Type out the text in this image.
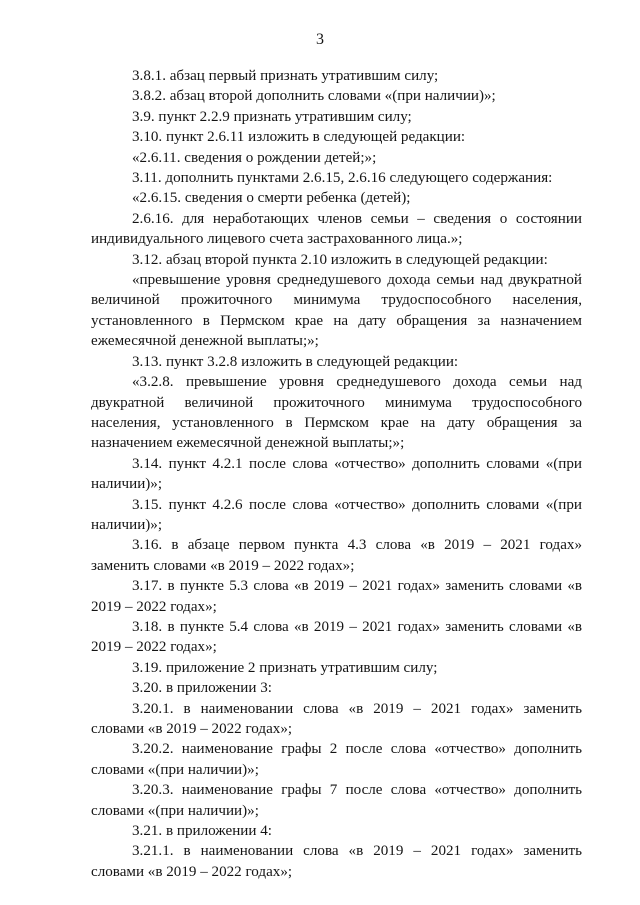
3

3.8.1. абзац первый признать утратившим силу;

3.8.2. абзац второй дополнить словами «(при наличии)»;

3.9. пункт 2.2.9 признать утратившим силу;

3.10. пункт 2.6.11 изложить в следующей редакции:

«2.6.11. сведения о рождении детей;»;

3.11. дополнить пунктами 2.6.15, 2.6.16 следующего содержания:

«2.6.15. сведения о смерти ребенка (детей);

2.6.16. для неработающих членов семьи – сведения о состоянии индивидуального лицевого счета застрахованного лица.»;

3.12. абзац второй пункта 2.10 изложить в следующей редакции:

«превышение уровня среднедушевого дохода семьи над двукратной величиной прожиточного минимума трудоспособного населения, установленного в Пермском крае на дату обращения за назначением ежемесячной денежной выплаты;»;

3.13. пункт 3.2.8 изложить в следующей редакции:

«3.2.8. превышение уровня среднедушевого дохода семьи над двукратной величиной прожиточного минимума трудоспособного населения, установленного в Пермском крае на дату обращения за назначением ежемесячной денежной выплаты;»;

3.14. пункт 4.2.1 после слова «отчество» дополнить словами «(при наличии)»;

3.15. пункт 4.2.6 после слова «отчество» дополнить словами «(при наличии)»;

3.16. в абзаце первом пункта 4.3 слова «в 2019 – 2021 годах» заменить словами «в 2019 – 2022 годах»;

3.17. в пункте 5.3 слова «в 2019 – 2021 годах» заменить словами «в 2019 – 2022 годах»;

3.18. в пункте 5.4 слова «в 2019 – 2021 годах» заменить словами «в 2019 – 2022 годах»;

3.19. приложение 2 признать утратившим силу;

3.20. в приложении 3:

3.20.1. в наименовании слова «в 2019 – 2021 годах» заменить словами «в 2019 – 2022 годах»;

3.20.2. наименование графы 2 после слова «отчество» дополнить словами «(при наличии)»;

3.20.3. наименование графы 7 после слова «отчество» дополнить словами «(при наличии)»;

3.21. в приложении 4:

3.21.1. в наименовании слова «в 2019 – 2021 годах» заменить словами «в 2019 – 2022 годах»;
